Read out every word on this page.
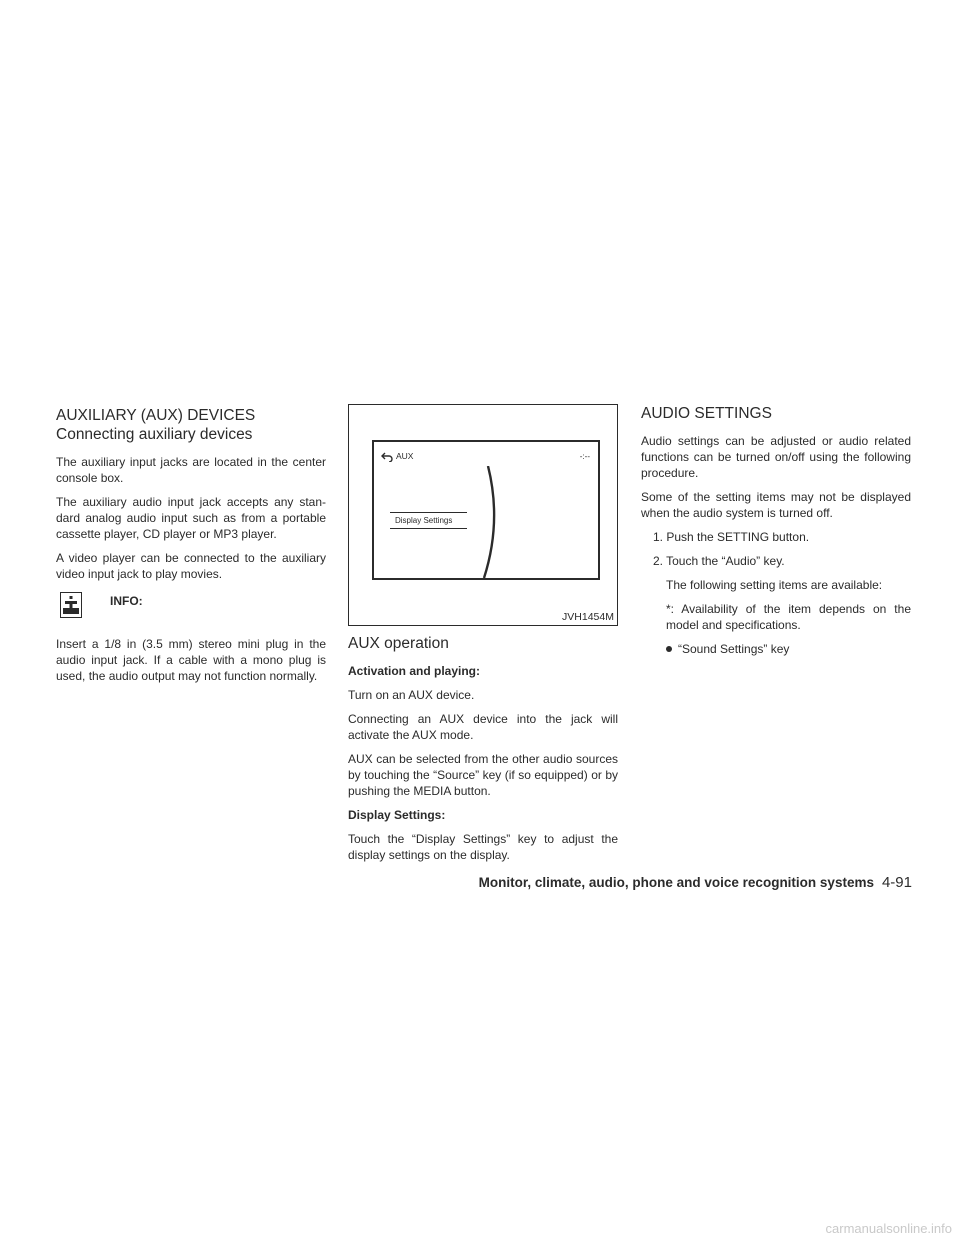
AUXILIARY (AUX) DEVICES
Connecting auxiliary devices

The auxiliary input jacks are located in the center console box.

The auxiliary audio input jack accepts any stan-dard analog audio input such as from a portable cassette player, CD player or MP3 player.

A video player can be connected to the auxiliary video input jack to play movies.

INFO:

Insert a 1/8 in (3.5 mm) stereo mini plug in the audio input jack. If a cable with a mono plug is used, the audio output may not function normally.

AUX	-:--
Display Settings
JVH1454M
AUX operation

Activation and playing:

Turn on an AUX device.

Connecting an AUX device into the jack will activate the AUX mode.

AUX can be selected from the other audio sources by touching the “Source” key (if so equipped) or by pushing the MEDIA button.

Display Settings:

Touch the “Display Settings” key to adjust the display settings on the display.

AUDIO SETTINGS

Audio settings can be adjusted or audio related functions can be turned on/off using the following procedure.

Some of the setting items may not be displayed when the audio system is turned off.

1. Push the SETTING button.
2. Touch the “Audio” key.
The following setting items are available:
*: Availability of the item depends on the model and specifications.
“Sound Settings” key
Monitor, climate, audio, phone and voice recognition systems 4-91
carmanualsonline.info
